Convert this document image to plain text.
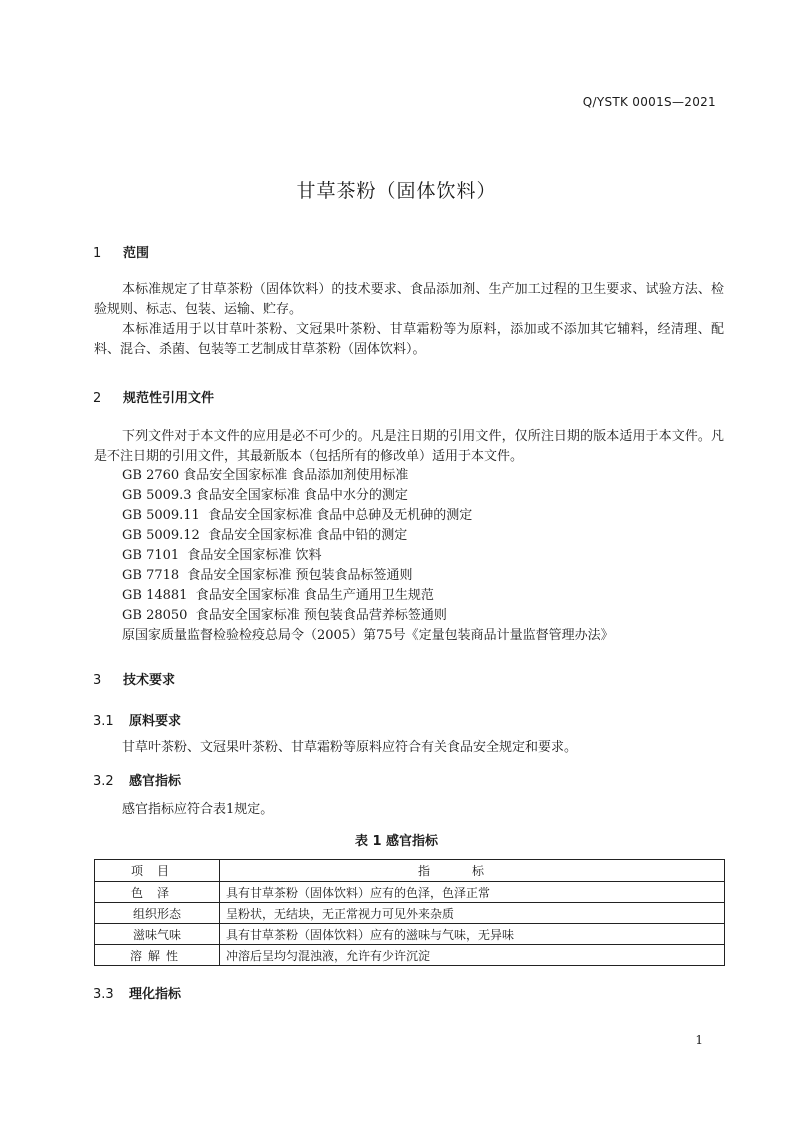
Q/YSTK 0001S—2021
甘草茶粉（固体饮料）
1 范围
本标准规定了甘草茶粉（固体饮料）的技术要求、食品添加剂、生产加工过程的卫生要求、试验方法、检验规则、标志、包装、运输、贮存。
本标准适用于以甘草叶茶粉、文冠果叶茶粉、甘草霜粉等为原料，添加或不添加其它辅料，经清理、配料、混合、杀菌、包装等工艺制成甘草茶粉（固体饮料）。
2 规范性引用文件
下列文件对于本文件的应用是必不可少的。凡是注日期的引用文件，仅所注日期的版本适用于本文件。凡是不注日期的引用文件，其最新版本（包括所有的修改单）适用于本文件。
GB 2760 食品安全国家标准 食品添加剂使用标准
GB 5009.3 食品安全国家标准 食品中水分的测定
GB 5009.11  食品安全国家标准 食品中总砷及无机砷的测定
GB 5009.12  食品安全国家标准 食品中铅的测定
GB 7101  食品安全国家标准 饮料
GB 7718  食品安全国家标准 预包装食品标签通则
GB 14881  食品安全国家标准 食品生产通用卫生规范
GB 28050  食品安全国家标准 预包装食品营养标签通则
原国家质量监督检验检疫总局令（2005）第75号《定量包装商品计量监督管理办法》
3 技术要求
3.1 原料要求
甘草叶茶粉、文冠果叶茶粉、甘草霜粉等原料应符合有关食品安全规定和要求。
3.2 感官指标
感官指标应符合表1规定。
表 1 感官指标
项目	指标
色泽	具有甘草茶粉（固体饮料）应有的色泽，色泽正常
组织形态	呈粉状，无结块，无正常视力可见外来杂质
滋味气味	具有甘草茶粉（固体饮料）应有的滋味与气味，无异味
溶解性	冲溶后呈均匀混浊液，允许有少许沉淀
3.3 理化指标
1
